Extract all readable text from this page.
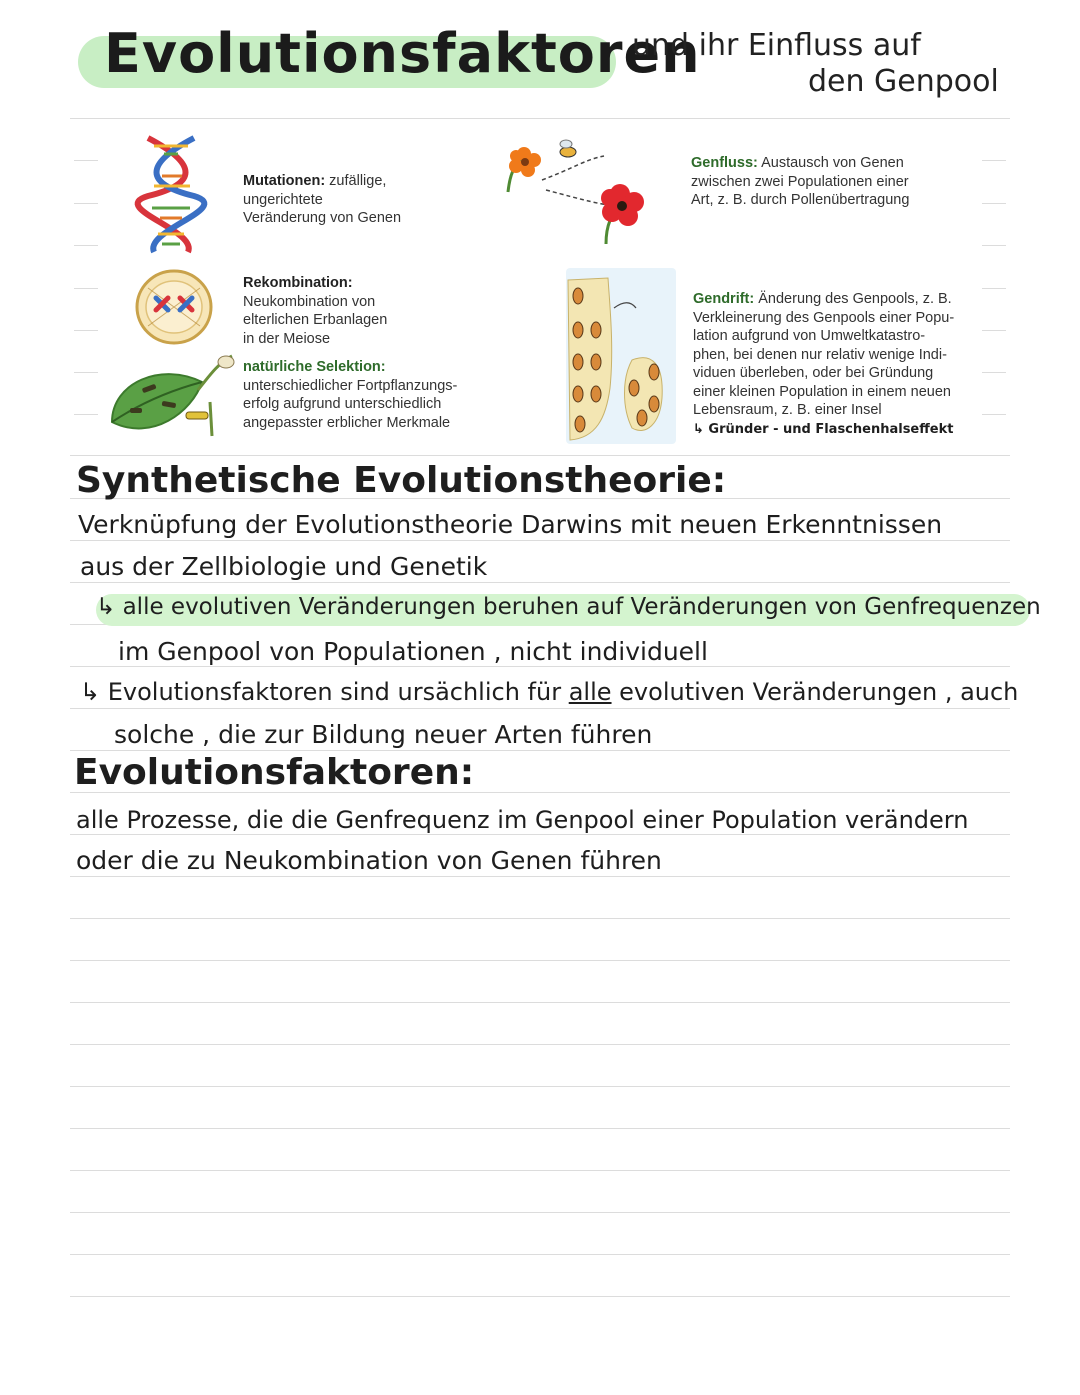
Evolutionsfaktoren
und ihr Einfluss auf
den Genpool
Mutationen: zufällige,
ungerichtete
Veränderung von Genen
Rekombination:
Neukombination von
elterlichen Erbanlagen
in der Meiose
natürliche Selektion:
unterschiedlicher Fortpflanzungs-
erfolg aufgrund unterschiedlich
angepasster erblicher Merkmale
Genfluss: Austausch von Genen
zwischen zwei Populationen einer
Art, z. B. durch Pollenübertragung
Gendrift: Änderung des Genpools, z. B.
Verkleinerung des Genpools einer Popu-
lation aufgrund von Umweltkatastro-
phen, bei denen nur relativ wenige Indi-
viduen überleben, oder bei Gründung
einer kleinen Population in einem neuen
Lebensraum, z. B. einer Insel
↳ Gründer - und Flaschenhalseffekt
Synthetische Evolutionstheorie:
Verknüpfung der Evolutionstheorie Darwins mit neuen Erkenntnissen
aus der Zellbiologie und Genetik
↳ alle evolutiven Veränderungen beruhen auf Veränderungen von Genfrequenzen
im Genpool von Populationen , nicht individuell
↳ Evolutionsfaktoren sind ursächlich für alle evolutiven Veränderungen , auch
solche , die zur Bildung neuer Arten führen
Evolutionsfaktoren:
alle Prozesse, die die Genfrequenz im Genpool einer Population verändern
oder die zu Neukombination von Genen führen
